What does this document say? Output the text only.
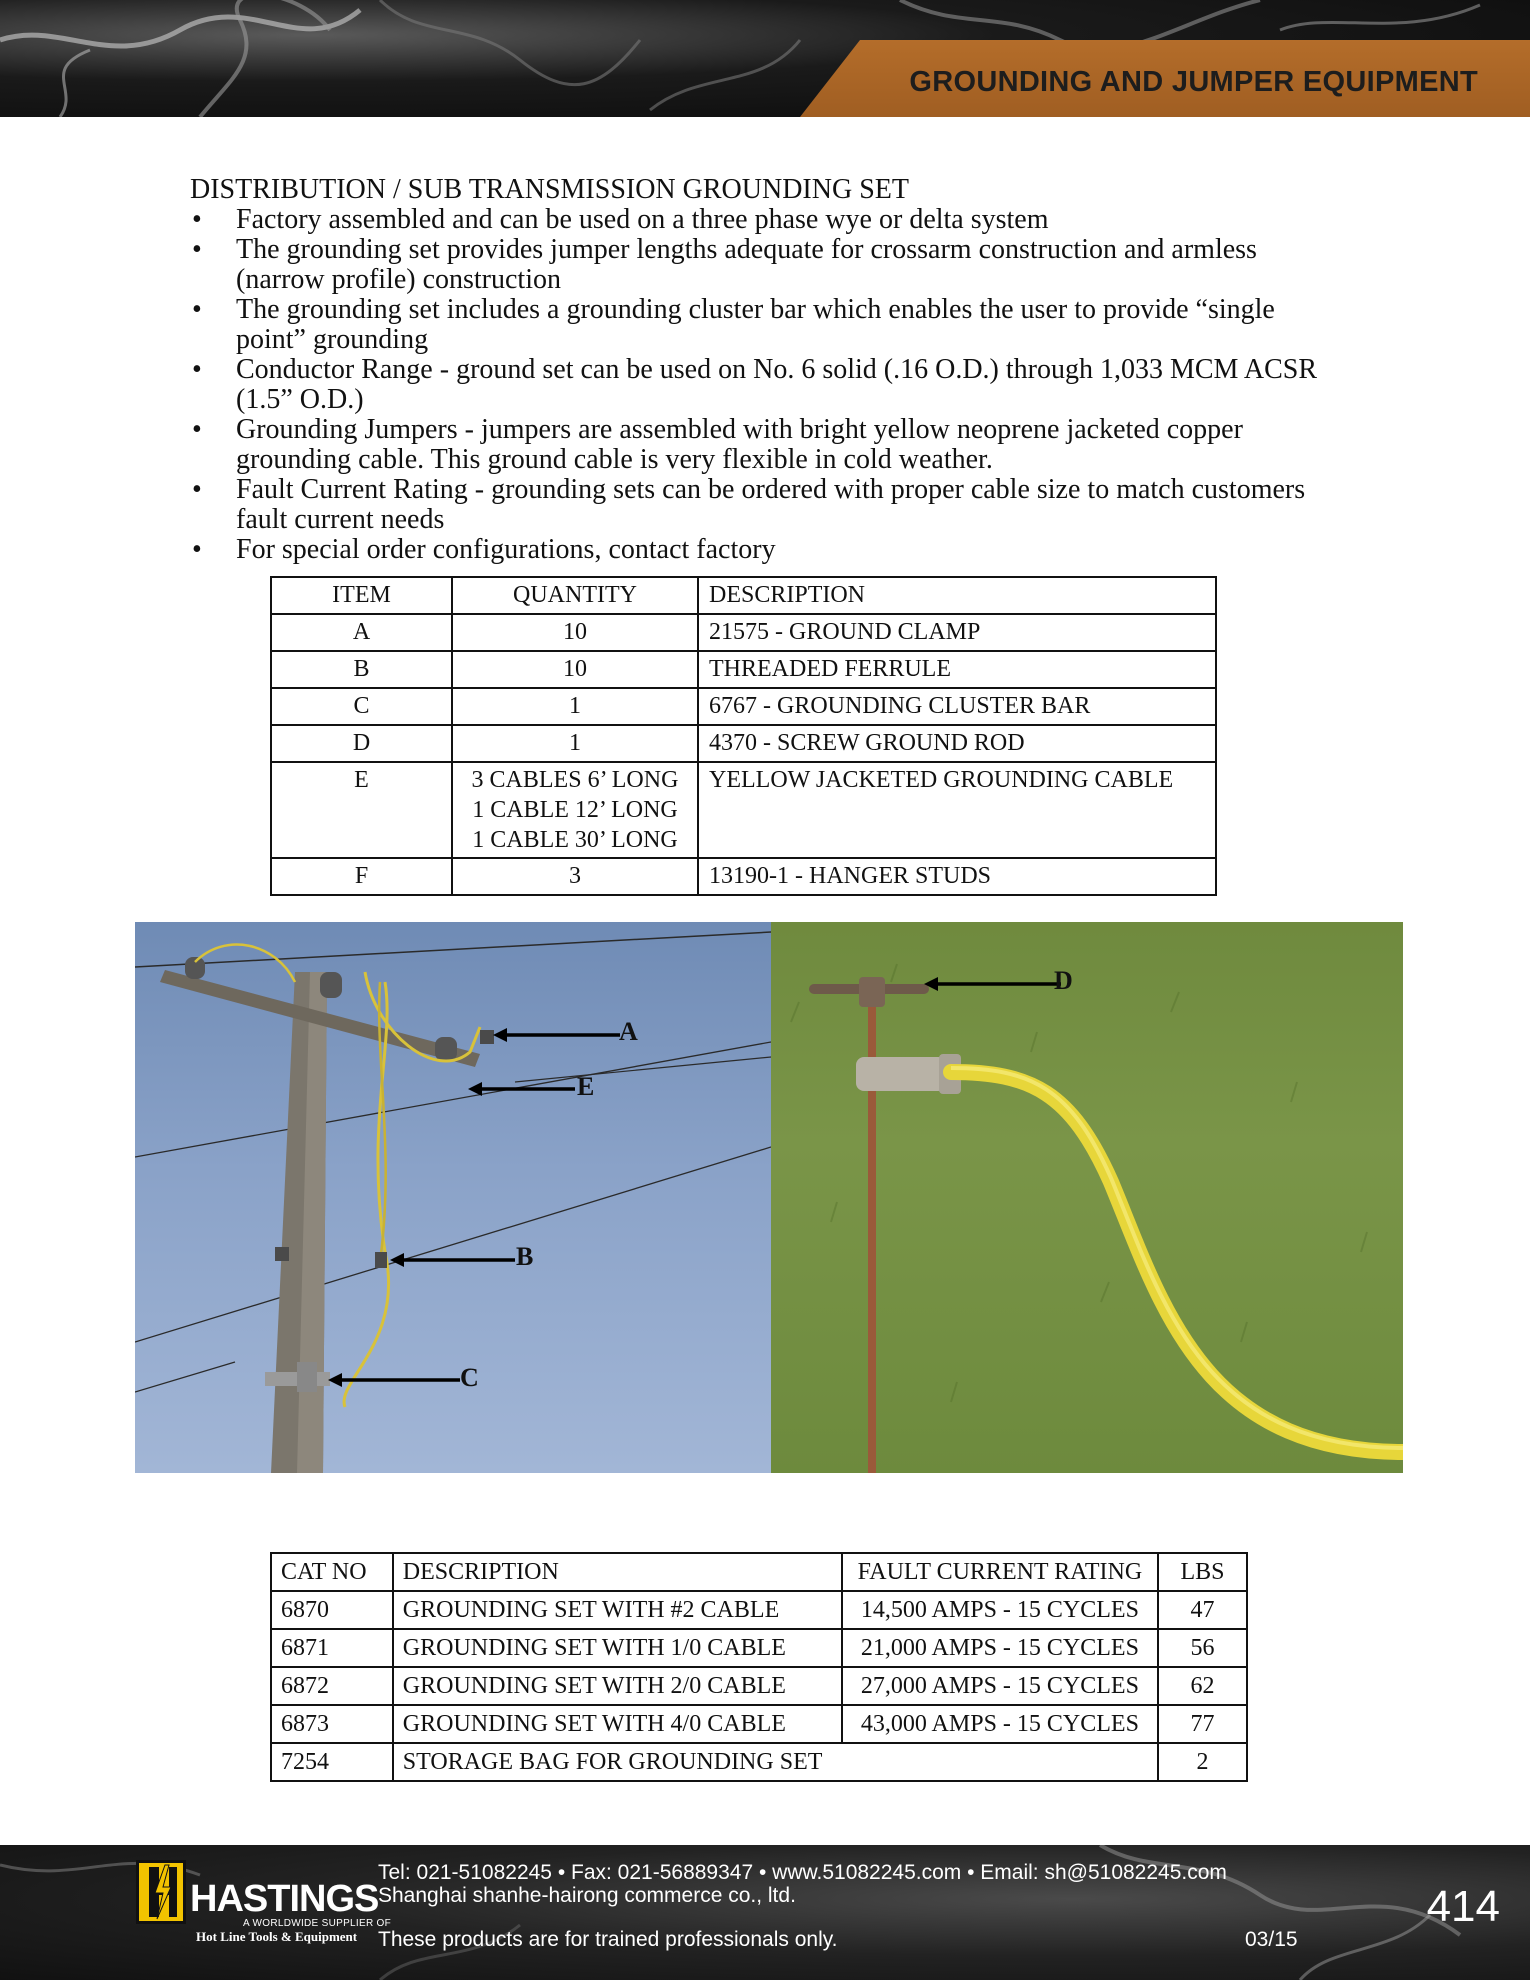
GROUNDING AND JUMPER EQUIPMENT
DISTRIBUTION / SUB TRANSMISSION GROUNDING SET
• Factory assembled and can be used on a three phase wye or delta system
• The grounding set provides jumper lengths adequate for crossarm construction and armless (narrow profile) construction
• The grounding set includes a grounding cluster bar which enables the user to provide “single point” grounding
• Conductor Range - ground set can be used on No. 6 solid (.16 O.D.) through 1,033 MCM ACSR (1.5” O.D.)
• Grounding Jumpers - jumpers are assembled with bright yellow neoprene jacketed copper grounding cable. This ground cable is very flexible in cold weather.
• Fault Current Rating - grounding sets can be ordered with proper cable size to match customers fault current needs
• For special order configurations, contact factory
ITEM	QUANTITY	DESCRIPTION
A	10	21575 - GROUND CLAMP
B	10	THREADED FERRULE
C	1	6767 - GROUNDING CLUSTER BAR
D	1	4370 - SCREW GROUND ROD
E	3 CABLES 6’ LONG
1 CABLE 12’ LONG
1 CABLE 30’ LONG	YELLOW JACKETED GROUNDING CABLE
F	3	13190-1 - HANGER STUDS
A
E
B
C
D
CAT NO	DESCRIPTION	FAULT CURRENT RATING	LBS
6870	GROUNDING SET WITH #2 CABLE	14,500 AMPS - 15 CYCLES	47
6871	GROUNDING SET WITH 1/0 CABLE	21,000 AMPS - 15 CYCLES	56
6872	GROUNDING SET WITH 2/0 CABLE	27,000 AMPS - 15 CYCLES	62
6873	GROUNDING SET WITH 4/0 CABLE	43,000 AMPS - 15 CYCLES	77
7254	STORAGE BAG FOR GROUNDING SET		2
HASTINGS
A WORLDWIDE SUPPLIER OF
Hot Line Tools & Equipment
Tel: 021-51082245 • Fax: 021-56889347 • www.51082245.com • Email: sh@51082245.com
Shanghai shanhe-hairong commerce co., ltd.
These products are for trained professionals only.	03/15
414
